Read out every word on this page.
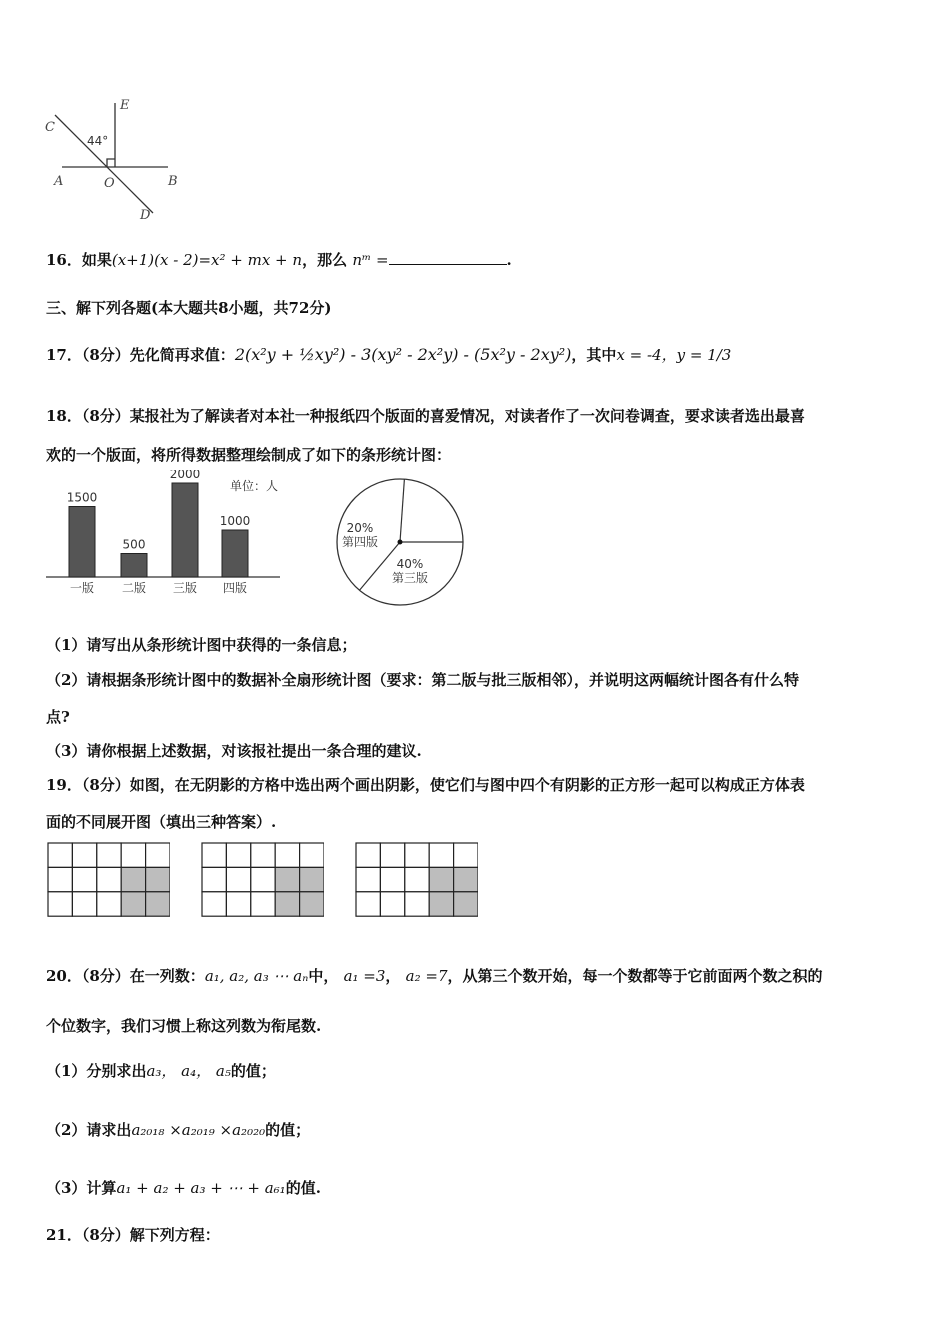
E
C
A	O	B
D
44°
16．如果(x+1)(x - 2)=x² + mx + n，那么 nᵐ =	.
三、解下列各题(本大题共8小题，共72分)
17．（8分）先化简再求值：2(x²y + ½xy²) - 3(xy² - 2x²y) - (5x²y - 2xy²)，其中x = -4，y = 1/3
18．（8分）某报社为了解读者对本社一种报纸四个版面的喜爱情况，对读者作了一次问卷调查，要求读者选出最喜
欢的一个版面，将所得数据整理绘制成了如下的条形统计图：
单位：人
1500
一版
500
二版
2000
三版
1000
四版
20%
第四版
40%
第三版
（1）请写出从条形统计图中获得的一条信息；
（2）请根据条形统计图中的数据补全扇形统计图（要求：第二版与批三版相邻），并说明这两幅统计图各有什么特
点?
（3）请你根据上述数据，对该报社提出一条合理的建议.
19．（8分）如图，在无阴影的方格中选出两个画出阴影，使它们与图中四个有阴影的正方形一起可以构成正方体表
面的不同展开图（填出三种答案）.
20．（8分）在一列数：a₁, a₂, a₃ ⋯ aₙ中， a₁ =3， a₂ =7，从第三个数开始，每一个数都等于它前面两个数之积的
个位数字，我们习惯上称这列数为衔尾数.
（1）分别求出a₃， a₄， a₅的值；
（2）请求出a₂₀₁₈ ×a₂₀₁₉ ×a₂₀₂₀的值；
（3）计算a₁ + a₂ + a₃ + ⋯ + a₆₁的值.
21．（8分）解下列方程：
